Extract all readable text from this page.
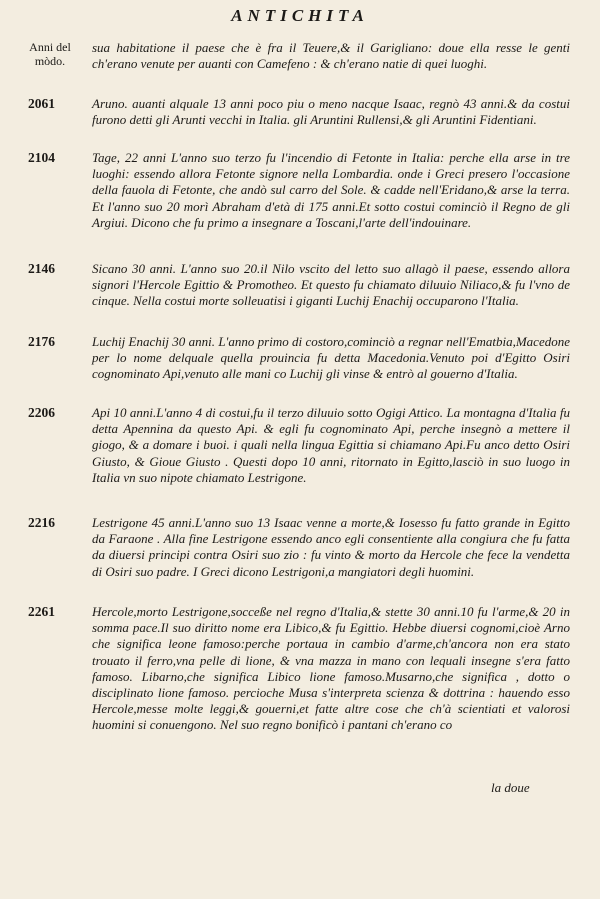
ANTICHITA
Anni del mòdo.
2061
2104
2146
2176
2206
2216
2261
sua habitatione il paese che è fra il Teuere,& il Garigliano: doue ella resse le genti ch'erano venute per auanti con Camefeno : & ch'erano natie di quei luoghi.
Aruno. auanti alquale 13 anni poco piu o meno nacque Isaac, regnò 43 anni.& da costui furono detti gli Arunti vecchi in Italia. gli Aruntini Rullensi,& gli Aruntini Fidentiani.
Tage, 22 anni L'anno suo terzo fu l'incendio di Fetonte in Italia: perche ella arse in tre luoghi: essendo allora Fetonte signore nella Lombardia. onde i Greci presero l'occasione della fauola di Fetonte, che andò sul carro del Sole. & cadde nell'Eridano,& arse la terra. Et l'anno suo 20 morì Abraham d'età di 175 anni.Et sotto costui cominciò il Regno de gli Argiui. Dicono che fu primo a insegnare a Toscani,l'arte dell'indouinare.
Sicano 30 anni. L'anno suo 20.il Nilo vscito del letto suo allagò il paese, essendo allora signori l'Hercole Egittio & Promotheo. Et questo fu chiamato diluuio Niliaco,& fu l'vno de cinque. Nella costui morte solleuatisi i giganti Luchij Enachij occuparono l'Italia.
Luchij Enachij 30 anni. L'anno primo di costoro,cominciò a regnar nell'Ematbia,Macedone per lo nome delquale quella prouincia fu detta Macedonia.Venuto poi d'Egitto Osiri cognominato Api,venuto alle mani co Luchij gli vinse & entrò al gouerno d'Italia.
Api 10 anni.L'anno 4 di costui,fu il terzo diluuio sotto Ogigi Attico. La montagna d'Italia fu detta Apennina da questo Api. & egli fu cognominato Api, perche insegnò a mettere il giogo, & a domare i buoi. i quali nella lingua Egittia si chiamano Api.Fu anco detto Osiri Giusto, & Gioue Giusto . Questi dopo 10 anni, ritornato in Egitto,lasciò in suo luogo in Italia vn suo nipote chiamato Lestrigone.
Lestrigone 45 anni.L'anno suo 13 Isaac venne a morte,& Iosesso fu fatto grande in Egitto da Faraone . Alla fine Lestrigone essendo anco egli consentiente alla congiura che fu fatta da diuersi principi contra Osiri suo zio : fu vinto & morto da Hercole che fece la vendetta di Osiri suo padre. I Greci dicono Lestrigoni,a mangiatori degli huomini.
Hercole,morto Lestrigone,socceße nel regno d'Italia,& stette 30 anni.10 fu l'arme,& 20 in somma pace.Il suo diritto nome era Libico,& fu Egittio. Hebbe diuersi cognomi,cioè Arno che significa leone famoso:perche portaua in cambio d'arme,ch'ancora non era stato trouato il ferro,vna pelle di lione, & vna mazza in mano con lequali insegne s'era fatto famoso. Libarno,che significa Libico lione famoso.Musarno,che significa , dotto o disciplinato lione famoso. percioche Musa s'interpreta scienza & dottrina : hauendo esso Hercole,messe molte leggi,& gouerni,et fatte altre cose che ch'à scientiati et valorosi huomini si conuengono. Nel suo regno bonificò i pantani ch'erano co
la doue
